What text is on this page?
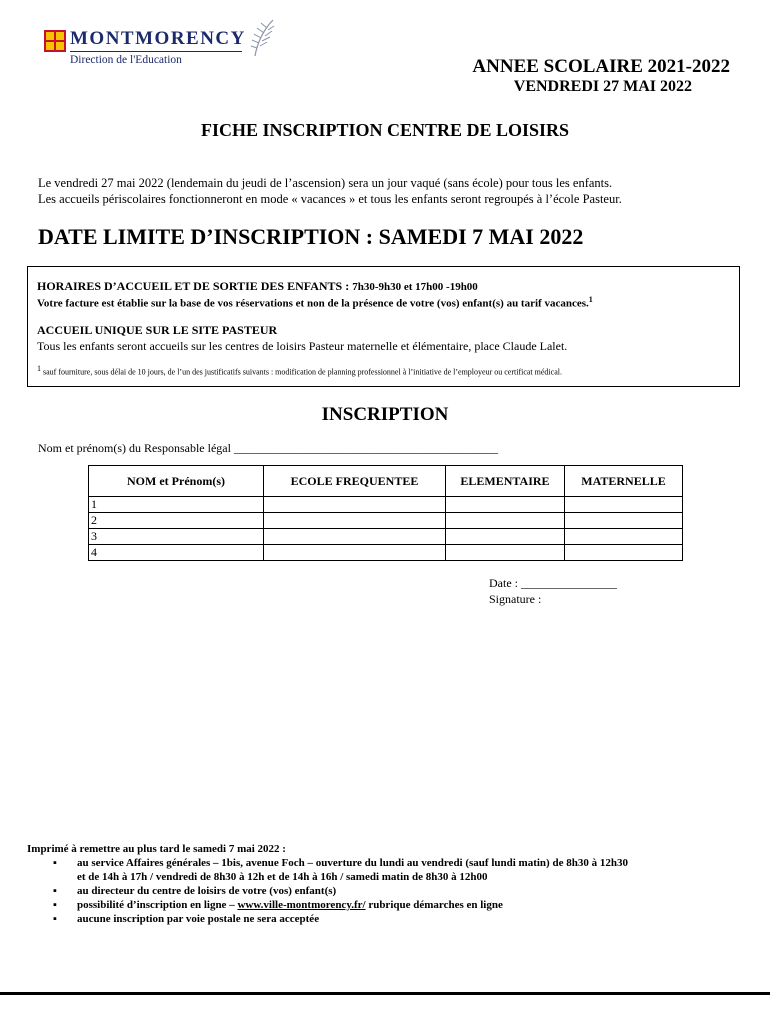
MONTMORENCY
Direction de l'Education	ANNEE SCOLAIRE 2021-2022
VENDREDI 27 MAI 2022
FICHE INSCRIPTION CENTRE DE LOISIRS
Le vendredi 27 mai 2022 (lendemain du jeudi de l’ascension) sera un jour vaqué (sans école) pour tous les enfants.
Les accueils périscolaires fonctionneront en mode « vacances » et tous les enfants seront regroupés à l’école Pasteur.
DATE LIMITE D’INSCRIPTION : SAMEDI 7 MAI 2022
HORAIRES D’ACCUEIL ET DE SORTIE DES ENFANTS : 7h30-9h30 et 17h00 -19h00
Votre facture est établie sur la base de vos réservations et non de la présence de votre (vos) enfant(s) au tarif vacances.$^1$
ACCUEIL UNIQUE SUR LE SITE PASTEUR
Tous les enfants seront accueils sur les centres de loisirs Pasteur maternelle et élémentaire, place Claude Lalet.
$^1$ sauf fourniture, sous délai de 10 jours, de l’un des justificatifs suivants : modification de planning professionnel à l’initiative de l’employeur ou certificat médical.
INSCRIPTION
Nom et prénom(s) du Responsable légal ____________________________________________
NOM et Prénom(s)	ECOLE FREQUENTEE	ELEMENTAIRE	MATERNELLE
1			
2			
3			
4			
Date : ________________
Signature :
Imprimé à remettre au plus tard le samedi 7 mai 2022 :
▪ au service Affaires générales – 1bis, avenue Foch – ouverture du lundi au vendredi (sauf lundi matin) de 8h30 à 12h30
et de 14h à 17h / vendredi de 8h30 à 12h et de 14h à 16h / samedi matin de 8h30 à 12h00
▪ au directeur du centre de loisirs de votre (vos) enfant(s)
▪ possibilité d’inscription en ligne – www.ville-montmorency.fr/ rubrique démarches en ligne
▪ aucune inscription par voie postale ne sera acceptée
